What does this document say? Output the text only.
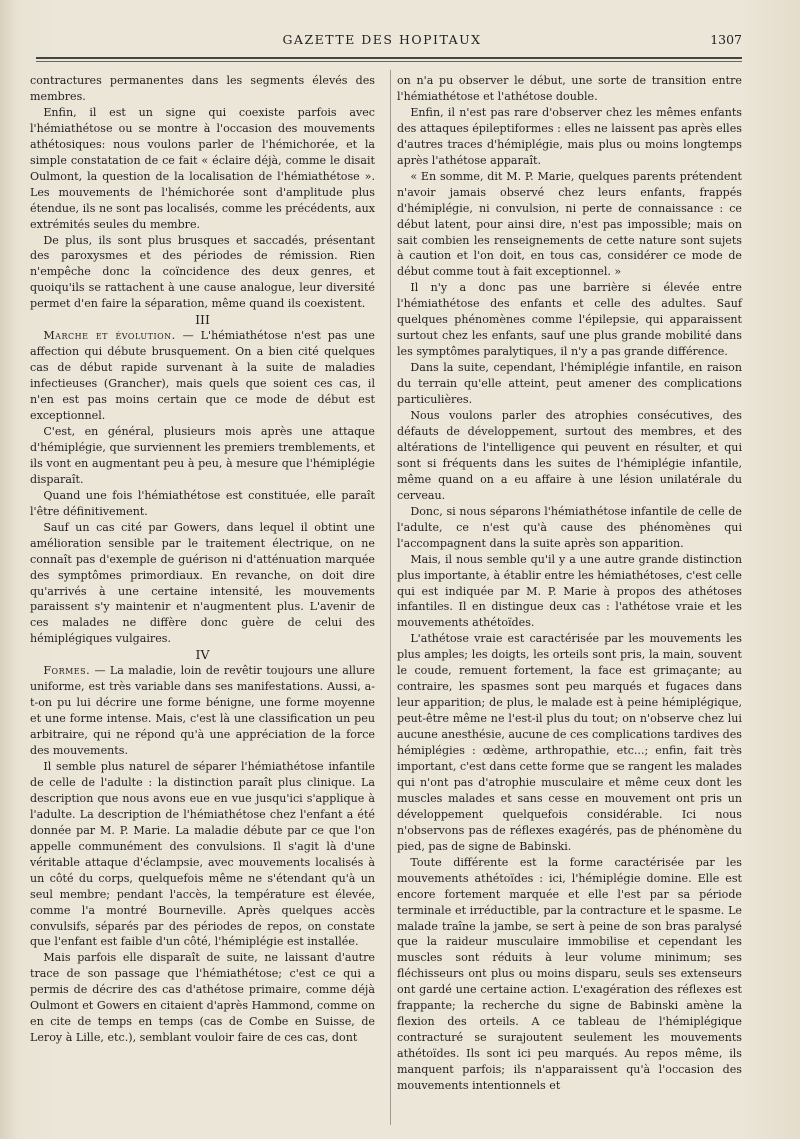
GAZETTE DES HOPITAUX	1307

contractures permanentes dans les segments élevés des membres.

Enfin, il est un signe qui coexiste parfois avec l'hémiathétose ou se montre à l'occasion des mouvements athétosiques: nous voulons parler de l'hémichorée, et la simple constatation de ce fait « éclaire déjà, comme le disait Oulmont, la question de la localisation de l'hémiathétose ». Les mouvements de l'hémichorée sont d'amplitude plus étendue, ils ne sont pas localisés, comme les précédents, aux extrémités seules du membre.

De plus, ils sont plus brusques et saccadés, présentant des paroxysmes et des périodes de rémission. Rien n'empêche donc la coïncidence des deux genres, et quoiqu'ils se rattachent à une cause analogue, leur diversité permet d'en faire la séparation, même quand ils coexistent.

III

Marche et évolution. — L'hémiathétose n'est pas une affection qui débute brusquement. On a bien cité quelques cas de début rapide survenant à la suite de maladies infectieuses (Grancher), mais quels que soient ces cas, il n'en est pas moins certain que ce mode de début est exceptionnel.

C'est, en général, plusieurs mois après une attaque d'hémiplégie, que surviennent les premiers tremblements, et ils vont en augmentant peu à peu, à mesure que l'hémiplégie disparaît.

Quand une fois l'hémiathétose est constituée, elle paraît l'être définitivement.

Sauf un cas cité par Gowers, dans lequel il obtint une amélioration sensible par le traitement électrique, on ne connaît pas d'exemple de guérison ni d'atténuation marquée des symptômes primordiaux. En revanche, on doit dire qu'arrivés à une certaine intensité, les mouvements paraissent s'y maintenir et n'augmentent plus. L'avenir de ces malades ne diffère donc guère de celui des hémiplégiques vulgaires.

IV

Formes. — La maladie, loin de revêtir toujours une allure uniforme, est très variable dans ses manifestations. Aussi, a-t-on pu lui décrire une forme bénigne, une forme moyenne et une forme intense. Mais, c'est là une classification un peu arbitraire, qui ne répond qu'à une appréciation de la force des mouvements.

Il semble plus naturel de séparer l'hémiathétose infantile de celle de l'adulte : la distinction paraît plus clinique. La description que nous avons eue en vue jusqu'ici s'applique à l'adulte. La description de l'hémiathétose chez l'enfant a été donnée par M. P. Marie. La maladie débute par ce que l'on appelle communément des convulsions. Il s'agit là d'une véritable attaque d'éclampsie, avec mouvements localisés à un côté du corps, quelquefois même ne s'étendant qu'à un seul membre; pendant l'accès, la température est élevée, comme l'a montré Bourneville. Après quelques accès convulsifs, séparés par des périodes de repos, on constate que l'enfant est faible d'un côté, l'hémiplégie est installée.

Mais parfois elle disparaît de suite, ne laissant d'autre trace de son passage que l'hémiathétose; c'est ce qui a permis de décrire des cas d'athétose primaire, comme déjà Oulmont et Gowers en citaient d'après Hammond, comme on en cite de temps en temps (cas de Combe en Suisse, de Leroy à Lille, etc.), semblant vouloir faire de ces cas, dont

on n'a pu observer le début, une sorte de transition entre l'hémiathétose et l'athétose double.

Enfin, il n'est pas rare d'observer chez les mêmes enfants des attaques épileptiformes : elles ne laissent pas après elles d'autres traces d'hémiplégie, mais plus ou moins longtemps après l'athétose apparaît.

« En somme, dit M. P. Marie, quelques parents prétendent n'avoir jamais observé chez leurs enfants, frappés d'hémiplégie, ni convulsion, ni perte de connaissance : ce début latent, pour ainsi dire, n'est pas impossible; mais on sait combien les renseignements de cette nature sont sujets à caution et l'on doit, en tous cas, considérer ce mode de début comme tout à fait exceptionnel. »

Il n'y a donc pas une barrière si élevée entre l'hémiathétose des enfants et celle des adultes. Sauf quelques phénomènes comme l'épilepsie, qui apparaissent surtout chez les enfants, sauf une plus grande mobilité dans les symptômes paralytiques, il n'y a pas grande différence.

Dans la suite, cependant, l'hémiplégie infantile, en raison du terrain qu'elle atteint, peut amener des complications particulières.

Nous voulons parler des atrophies consécutives, des défauts de développement, surtout des membres, et des altérations de l'intelligence qui peuvent en résulter, et qui sont si fréquents dans les suites de l'hémiplégie infantile, même quand on a eu affaire à une lésion unilatérale du cerveau.

Donc, si nous séparons l'hémiathétose infantile de celle de l'adulte, ce n'est qu'à cause des phénomènes qui l'accompagnent dans la suite après son apparition.

Mais, il nous semble qu'il y a une autre grande distinction plus importante, à établir entre les hémiathétoses, c'est celle qui est indiquée par M. P. Marie à propos des athétoses infantiles. Il en distingue deux cas : l'athétose vraie et les mouvements athétoïdes.

L'athétose vraie est caractérisée par les mouvements les plus amples; les doigts, les orteils sont pris, la main, souvent le coude, remuent fortement, la face est grimaçante; au contraire, les spasmes sont peu marqués et fugaces dans leur apparition; de plus, le malade est à peine hémiplégique, peut-être même ne l'est-il plus du tout; on n'observe chez lui aucune anesthésie, aucune de ces complications tardives des hémiplégies : œdème, arthropathie, etc...; enfin, fait très important, c'est dans cette forme que se rangent les malades qui n'ont pas d'atrophie musculaire et même ceux dont les muscles malades et sans cesse en mouvement ont pris un développement quelquefois considérable. Ici nous n'observons pas de réflexes exagérés, pas de phénomène du pied, pas de signe de Babinski.

Toute différente est la forme caractérisée par les mouvements athétoïdes : ici, l'hémiplégie domine. Elle est encore fortement marquée et elle l'est par sa période terminale et irréductible, par la contracture et le spasme. Le malade traîne la jambe, se sert à peine de son bras paralysé que la raideur musculaire immobilise et cependant les muscles sont réduits à leur volume minimum; ses fléchisseurs ont plus ou moins disparu, seuls ses extenseurs ont gardé une certaine action. L'exagération des réflexes est frappante; la recherche du signe de Babinski amène la flexion des orteils. A ce tableau de l'hémiplégique contracturé se surajoutent seulement les mouvements athétoïdes. Ils sont ici peu marqués. Au repos même, ils manquent parfois; ils n'apparaissent qu'à l'occasion des mouvements intentionnels et
